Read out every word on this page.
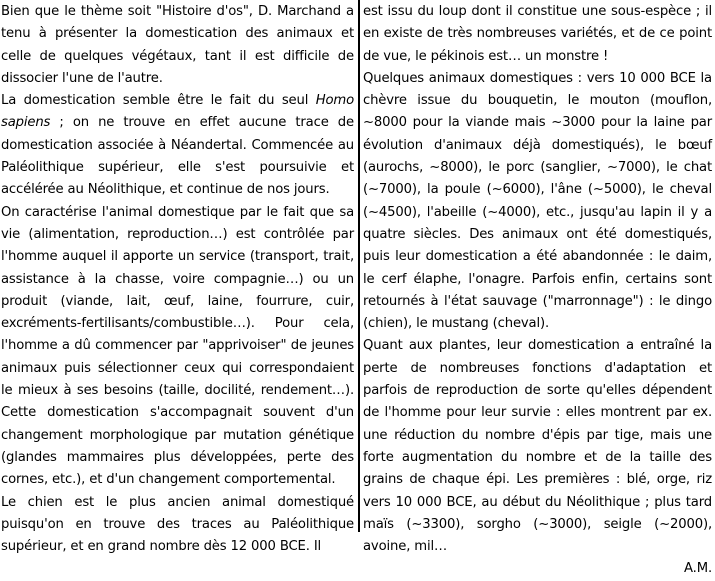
Bien que le thème soit "Histoire d'os", D. Marchand a tenu à présenter la domestication des animaux et celle de quelques végétaux, tant il est difficile de dissocier l'une de l'autre.

La domestication semble être le fait du seul Homo sapiens ; on ne trouve en effet aucune trace de domestication associée à Néandertal. Commencée au Paléolithique supérieur, elle s'est poursuivie et accélérée au Néolithique, et continue de nos jours.

On caractérise l'animal domestique par le fait que sa vie (alimentation, reproduction…) est contrôlée par l'homme auquel il apporte un service (transport, trait, assistance à la chasse, voire compagnie…) ou un produit (viande, lait, œuf, laine, fourrure, cuir, excréments-fertilisants/combustible…). Pour cela, l'homme a dû commencer par "apprivoiser" de jeunes animaux puis sélectionner ceux qui correspondaient le mieux à ses besoins (taille, docilité, rendement…). Cette domestication s'accompagnait souvent d'un changement morphologique par mutation génétique (glandes mammaires plus développées, perte des cornes, etc.), et d'un changement comportemental.

Le chien est le plus ancien animal domestiqué puisqu'on en trouve des traces au Paléolithique supérieur, et en grand nombre dès 12 000 BCE. Il

est issu du loup dont il constitue une sous-espèce ; il en existe de très nombreuses variétés, et de ce point de vue, le pékinois est… un monstre !

Quelques animaux domestiques : vers 10 000 BCE la chèvre issue du bouquetin, le mouton (mouflon, ~8000 pour la viande mais ~3000 pour la laine par évolution d'animaux déjà domestiqués), le bœuf (aurochs, ~8000), le porc (sanglier, ~7000), le chat (~7000), la poule (~6000), l'âne (~5000), le cheval (~4500), l'abeille (~4000), etc., jusqu'au lapin il y a quatre siècles. Des animaux ont été domestiqués, puis leur domestication a été abandonnée : le daim, le cerf élaphe, l'onagre. Parfois enfin, certains sont retournés à l'état sauvage ("marronnage") : le dingo (chien), le mustang (cheval).

Quant aux plantes, leur domestication a entraîné la perte de nombreuses fonctions d'adaptation et parfois de reproduction de sorte qu'elles dépendent de l'homme pour leur survie : elles montrent par ex. une réduction du nombre d'épis par tige, mais une forte augmentation du nombre et de la taille des grains de chaque épi. Les premières : blé, orge, riz vers 10 000 BCE, au début du Néolithique ; plus tard maïs (~3300), sorgho (~3000), seigle (~2000), avoine, mil…

A.M.
